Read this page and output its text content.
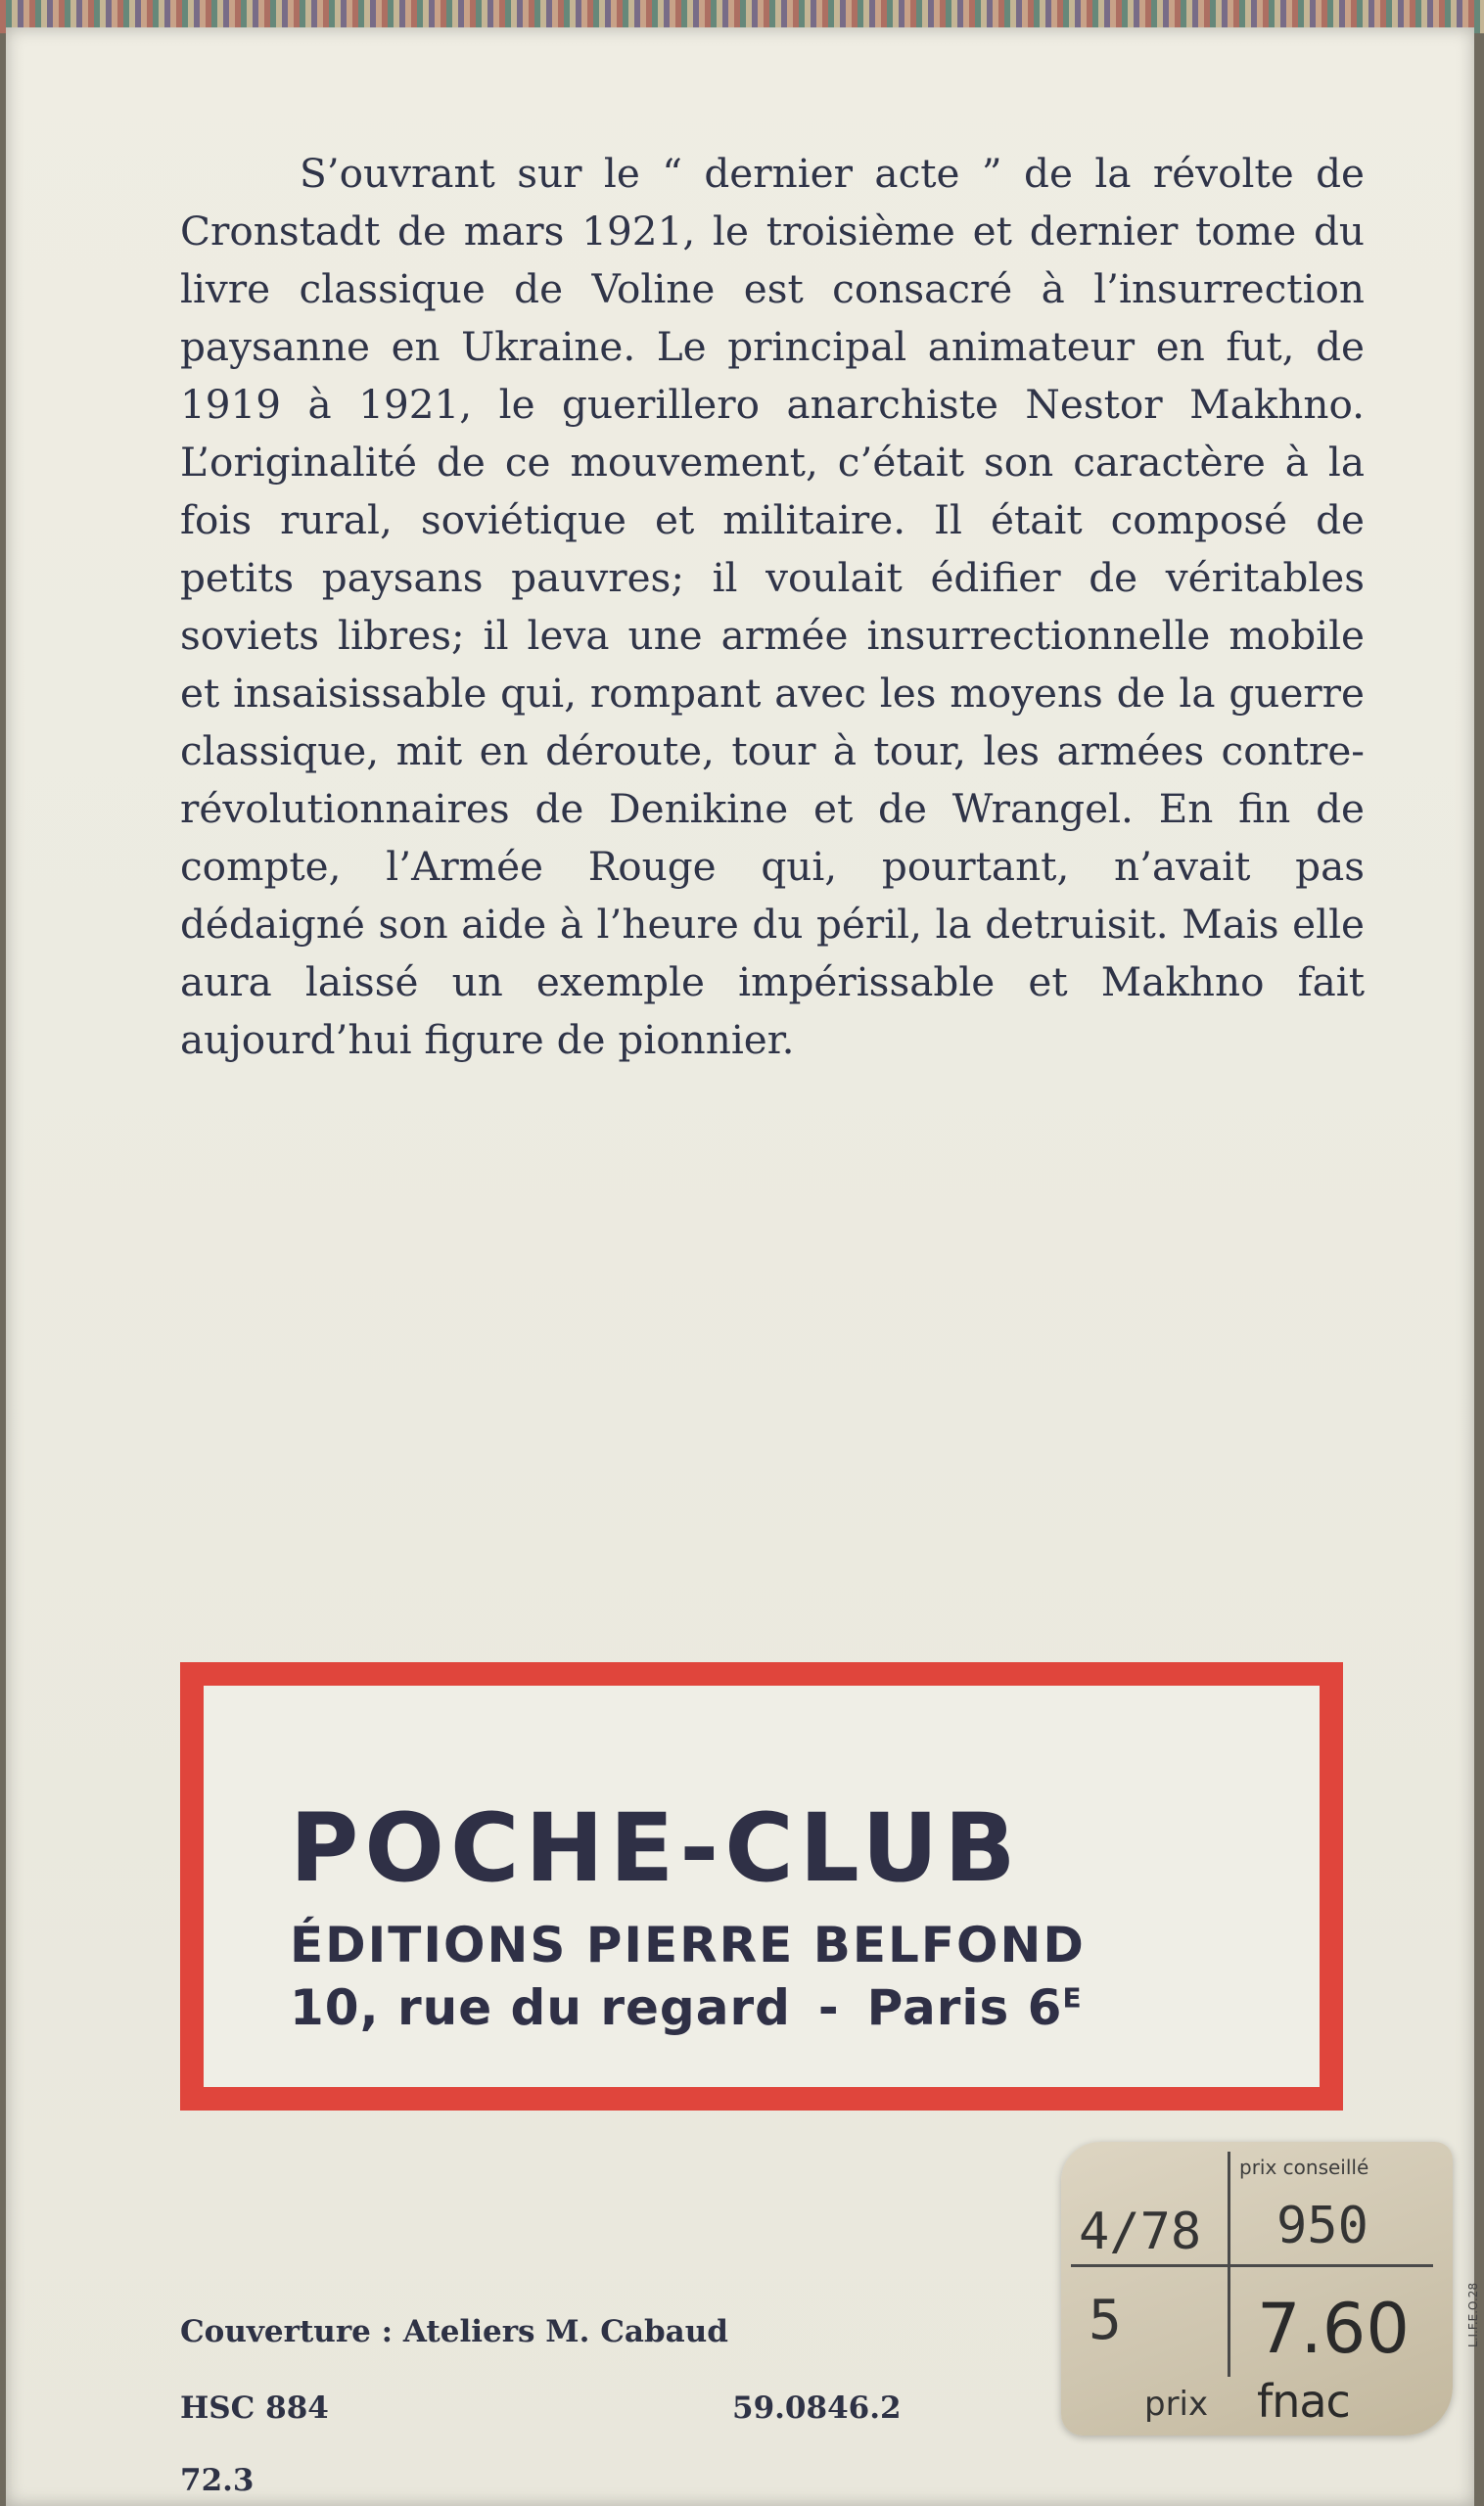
S’ouvrant sur le “ dernier acte ” de la révolte de Cronstadt de mars 1921, le troisième et dernier tome du livre classique de Voline est consacré à l’insurrection paysanne en Ukraine. Le principal animateur en fut, de 1919 à 1921, le guerillero anarchiste Nestor Makhno. L’originalité de ce mouvement, c’était son caractère à la fois rural, soviétique et militaire. Il était composé de petits paysans pauvres; il voulait édifier de véritables soviets libres; il leva une armée insurrectionnelle mobile et insaisissable qui, rompant avec les moyens de la guerre classique, mit en déroute, tour à tour, les armées contre-révolutionnaires de Denikine et de Wrangel. En fin de compte, l’Armée Rouge qui, pourtant, n’avait pas dédaigné son aide à l’heure du péril, la detruisit. Mais elle aura laissé un exemple impérissable et Makhno fait aujourd’hui figure de pionnier.

POCHE-CLUB

ÉDITIONS PIERRE BELFOND

10, rue du regard - Paris $6^E$

Couverture : Ateliers M. Cabaud

HSC 884

72.3

59.0846.2

prix conseillé
4/78 950
5 7.60
prix fnac
L.I.F.E.O.28
